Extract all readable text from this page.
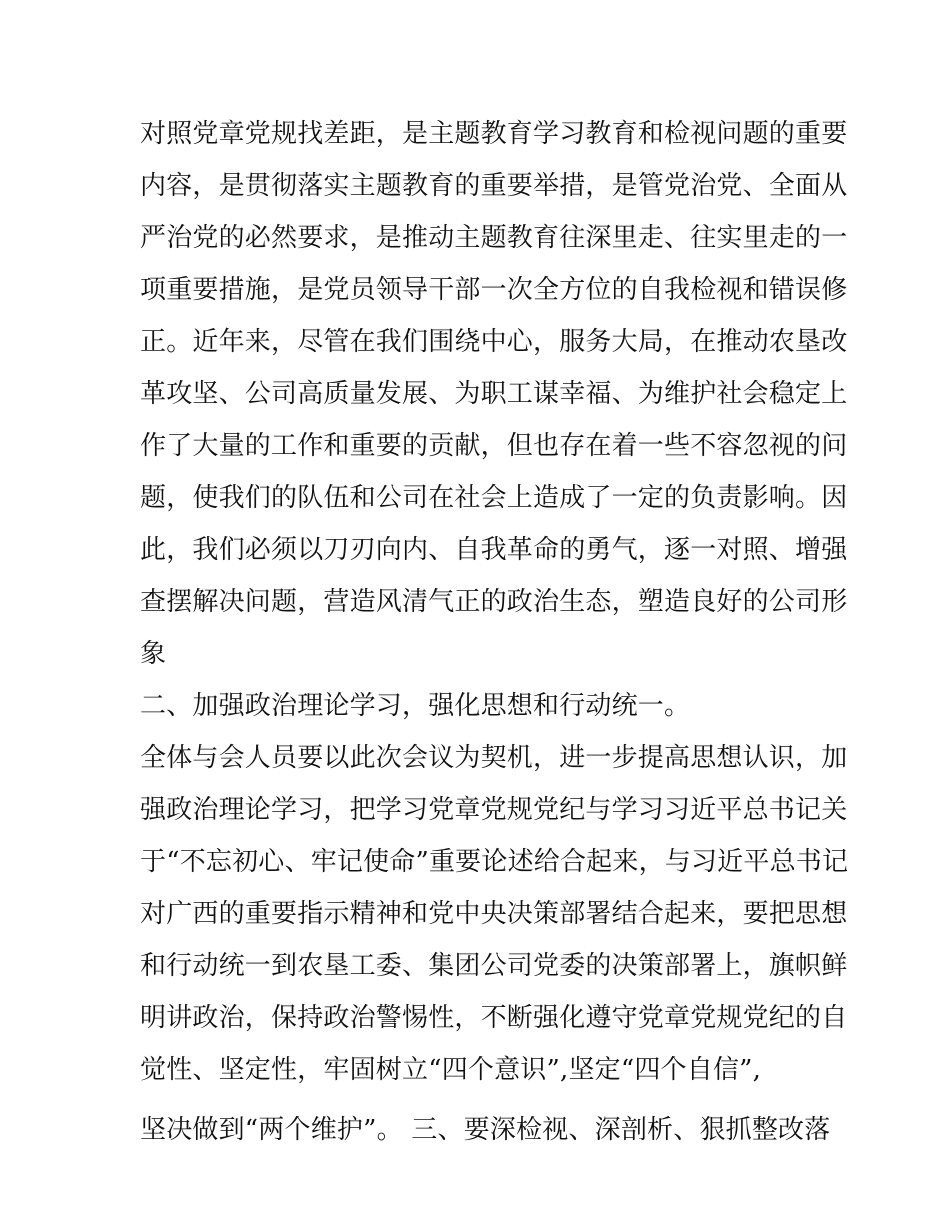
对照党章党规找差距，是主题教育学习教育和检视问题的重要
内容，是贯彻落实主题教育的重要举措，是管党治党、全面从
严治党的必然要求，是推动主题教育往深里走、往实里走的一
项重要措施，是党员领导干部一次全方位的自我检视和错误修
正。近年来，尽管在我们围绕中心，服务大局，在推动农垦改
革攻坚、公司高质量发展、为职工谋幸福、为维护社会稳定上
作了大量的工作和重要的贡献，但也存在着一些不容忽视的问
题，使我们的队伍和公司在社会上造成了一定的负责影响。因
此，我们必须以刀刃向内、自我革命的勇气，逐一对照、增强
查摆解决问题，营造风清气正的政治生态，塑造良好的公司形
象
二、加强政治理论学习，强化思想和行动统一。
全体与会人员要以此次会议为契机，进一步提高思想认识，加
强政治理论学习，把学习党章党规党纪与学习习近平总书记关
于“不忘初心、牢记使命”重要论述给合起来，与习近平总书记
对广西的重要指示精神和党中央决策部署结合起来，要把思想
和行动统一到农垦工委、集团公司党委的决策部署上，旗帜鲜
明讲政治，保持政治警惕性，不断强化遵守党章党规党纪的自
觉性、坚定性，牢固树立“四个意识”,坚定“四个自信”,
坚决做到“两个维护”。 三、要深检视、深剖析、狠抓整改落
